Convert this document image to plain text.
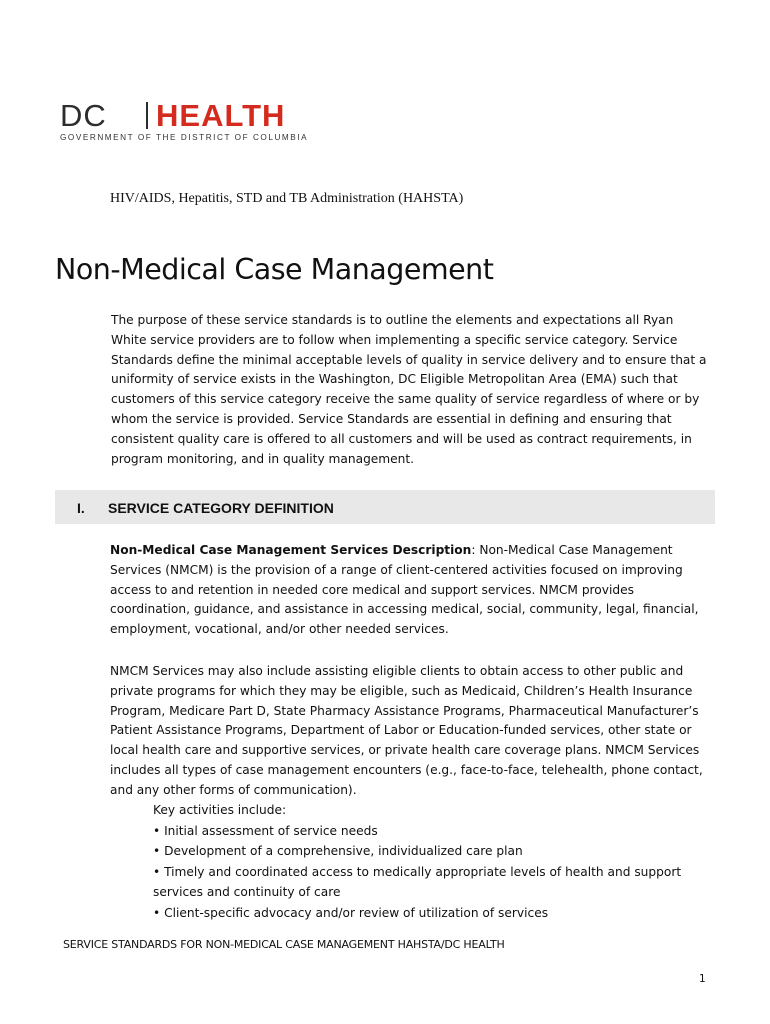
DC HEALTH
GOVERNMENT OF THE DISTRICT OF COLUMBIA
HIV/AIDS, Hepatitis, STD and TB Administration (HAHSTA)
Non-Medical Case Management

The purpose of these service standards is to outline the elements and expectations all Ryan White service providers are to follow when implementing a specific service category. Service Standards define the minimal acceptable levels of quality in service delivery and to ensure that a uniformity of service exists in the Washington, DC Eligible Metropolitan Area (EMA) such that customers of this service category receive the same quality of service regardless of where or by whom the service is provided. Service Standards are essential in defining and ensuring that consistent quality care is offered to all customers and will be used as contract requirements, in program monitoring, and in quality management.

I. SERVICE CATEGORY DEFINITION

Non-Medical Case Management Services Description: Non-Medical Case Management Services (NMCM) is the provision of a range of client-centered activities focused on improving access to and retention in needed core medical and support services. NMCM provides coordination, guidance, and assistance in accessing medical, social, community, legal, financial, employment, vocational, and/or other needed services.

NMCM Services may also include assisting eligible clients to obtain access to other public and private programs for which they may be eligible, such as Medicaid, Children’s Health Insurance Program, Medicare Part D, State Pharmacy Assistance Programs, Pharmaceutical Manufacturer’s Patient Assistance Programs, Department of Labor or Education-funded services, other state or local health care and supportive services, or private health care coverage plans. NMCM Services includes all types of case management encounters (e.g., face-to-face, telehealth, phone contact, and any other forms of communication).

Key activities include:
• Initial assessment of service needs
• Development of a comprehensive, individualized care plan
• Timely and coordinated access to medically appropriate levels of health and support services and continuity of care
• Client-specific advocacy and/or review of utilization of services
SERVICE STANDARDS FOR NON-MEDICAL CASE MANAGEMENT HAHSTA/DC HEALTH
1
